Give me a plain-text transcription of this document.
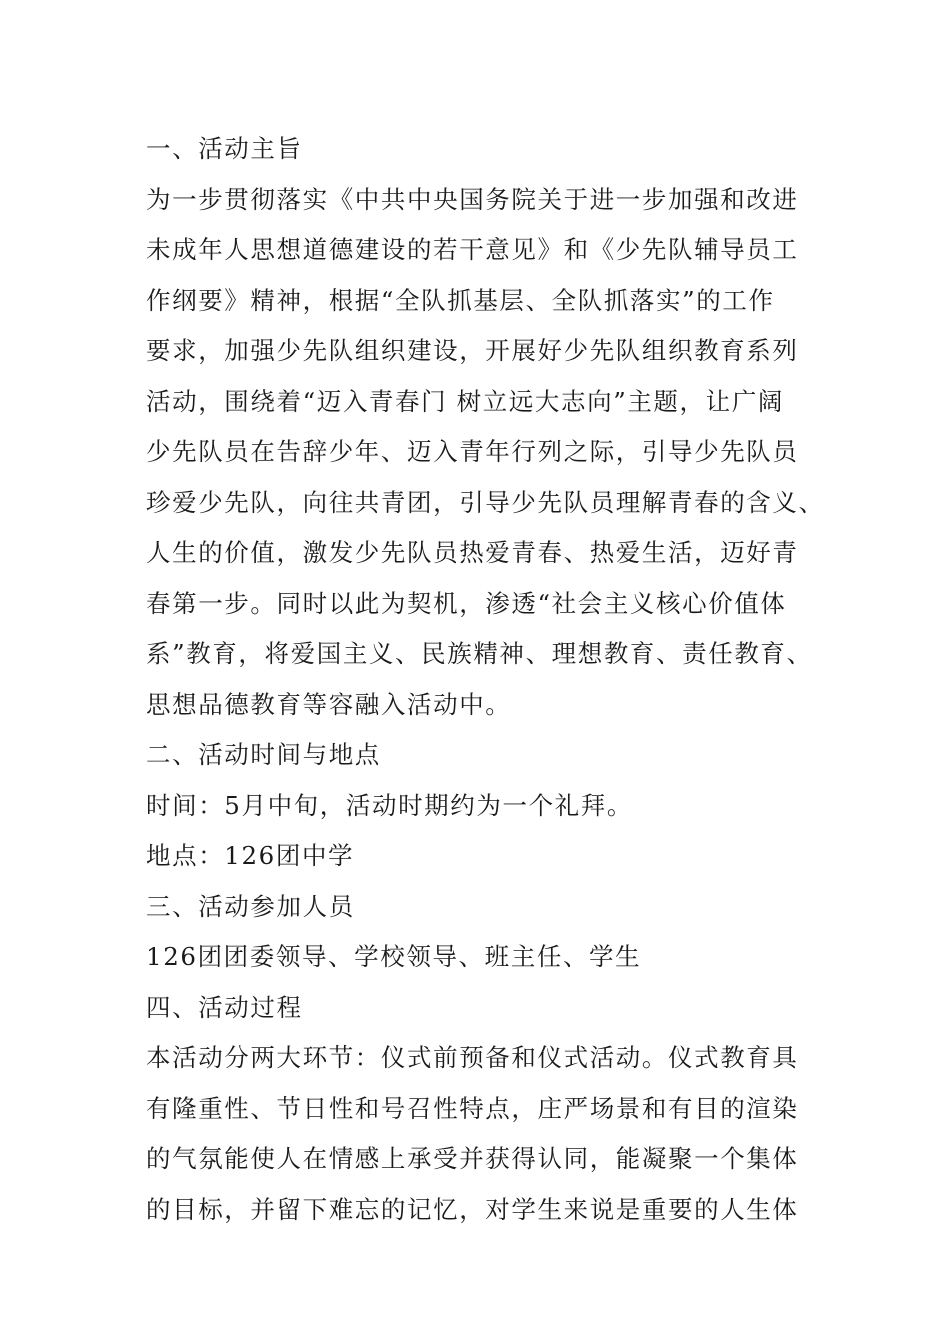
一、活动主旨
为一步贯彻落实《中共中央国务院关于进一步加强和改进
未成年人思想道德建设的若干意见》和《少先队辅导员工
作纲要》精神，根据“全队抓基层、全队抓落实”的工作
要求，加强少先队组织建设，开展好少先队组织教育系列
活动，围绕着“迈入青春门 树立远大志向”主题，让广阔
少先队员在告辞少年、迈入青年行列之际，引导少先队员
珍爱少先队，向往共青团，引导少先队员理解青春的含义、
人生的价值，激发少先队员热爱青春、热爱生活，迈好青
春第一步。同时以此为契机，渗透“社会主义核心价值体
系”教育，将爱国主义、民族精神、理想教育、责任教育、
思想品德教育等容融入活动中。
二、活动时间与地点
时间：5月中旬，活动时期约为一个礼拜。
地点：126团中学
三、活动参加人员
126团团委领导、学校领导、班主任、学生
四、活动过程
本活动分两大环节：仪式前预备和仪式活动。仪式教育具
有隆重性、节日性和号召性特点，庄严场景和有目的渲染
的气氛能使人在情感上承受并获得认同，能凝聚一个集体
的目标，并留下难忘的记忆，对学生来说是重要的人生体
